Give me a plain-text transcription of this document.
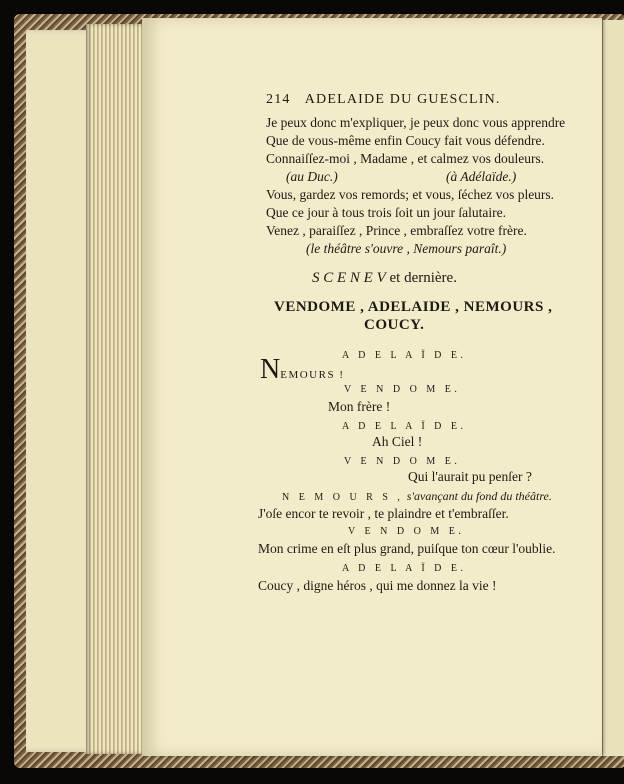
214 ADELAIDE DU GUESCLIN.
Je peux donc m'expliquer, je peux donc vous apprendre
Que de vous-même enfin Coucy fait vous défendre.
Connaiſſez-moi , Madame , et calmez vos douleurs.
(au Duc.)	(à Adélaïde.)
Vous, gardez vos remords; et vous, ſéchez vos pleurs.
Que ce jour à tous trois ſoit un jour ſalutaire.
Venez , paraiſſez , Prince , embraſſez votre frère.
(le théâtre s'ouvre , Nemours paraît.)
S C E N E V et dernière.
VENDOME , ADELAIDE , NEMOURS ,
COUCY.
A D E L A Ï D E.
NEMOURS !
V E N D O M E.
Mon frère !
A D E L A Ï D E.
Ah Ciel !
V E N D O M E.
Qui l'aurait pu penſer ?
N E M O U R S , s'avançant du fond du théâtre.
J'oſe encor te revoir , te plaindre et t'embraſſer.
V E N D O M E.
Mon crime en eſt plus grand, puiſque ton cœur l'oublie.
A D E L A Ï D E.
Coucy , digne héros , qui me donnez la vie !
